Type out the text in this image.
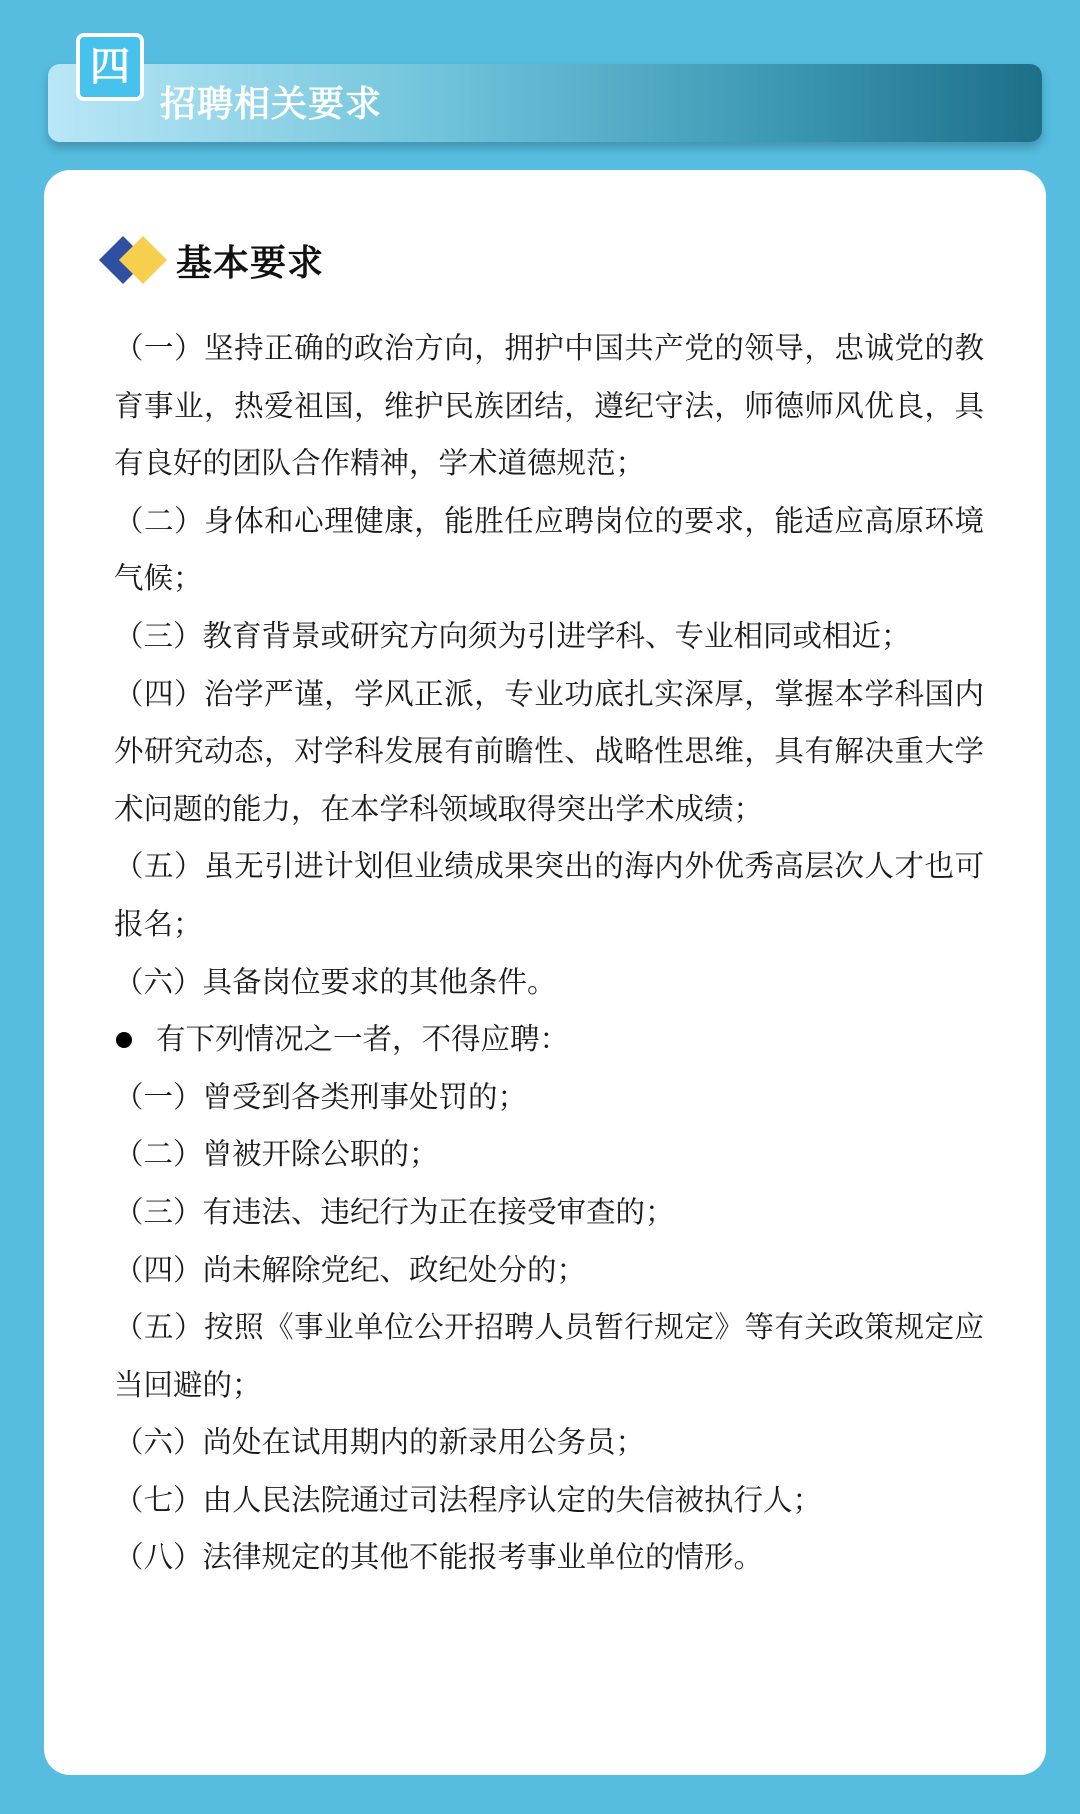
四
招聘相关要求
基本要求

（一）坚持正确的政治方向，拥护中国共产党的领导，忠诚党的教育事业，热爱祖国，维护民族团结，遵纪守法，师德师风优良，具有良好的团队合作精神，学术道德规范；

（二）身体和心理健康，能胜任应聘岗位的要求，能适应高原环境气候；

（三）教育背景或研究方向须为引进学科、专业相同或相近；

（四）治学严谨，学风正派，专业功底扎实深厚，掌握本学科国内外研究动态，对学科发展有前瞻性、战略性思维，具有解决重大学术问题的能力，在本学科领域取得突出学术成绩；

（五）虽无引进计划但业绩成果突出的海内外优秀高层次人才也可报名；

（六）具备岗位要求的其他条件。

有下列情况之一者，不得应聘：

（一）曾受到各类刑事处罚的；

（二）曾被开除公职的；

（三）有违法、违纪行为正在接受审查的；

（四）尚未解除党纪、政纪处分的；

（五）按照《事业单位公开招聘人员暂行规定》等有关政策规定应当回避的；

（六）尚处在试用期内的新录用公务员；

（七）由人民法院通过司法程序认定的失信被执行人；

（八）法律规定的其他不能报考事业单位的情形。
